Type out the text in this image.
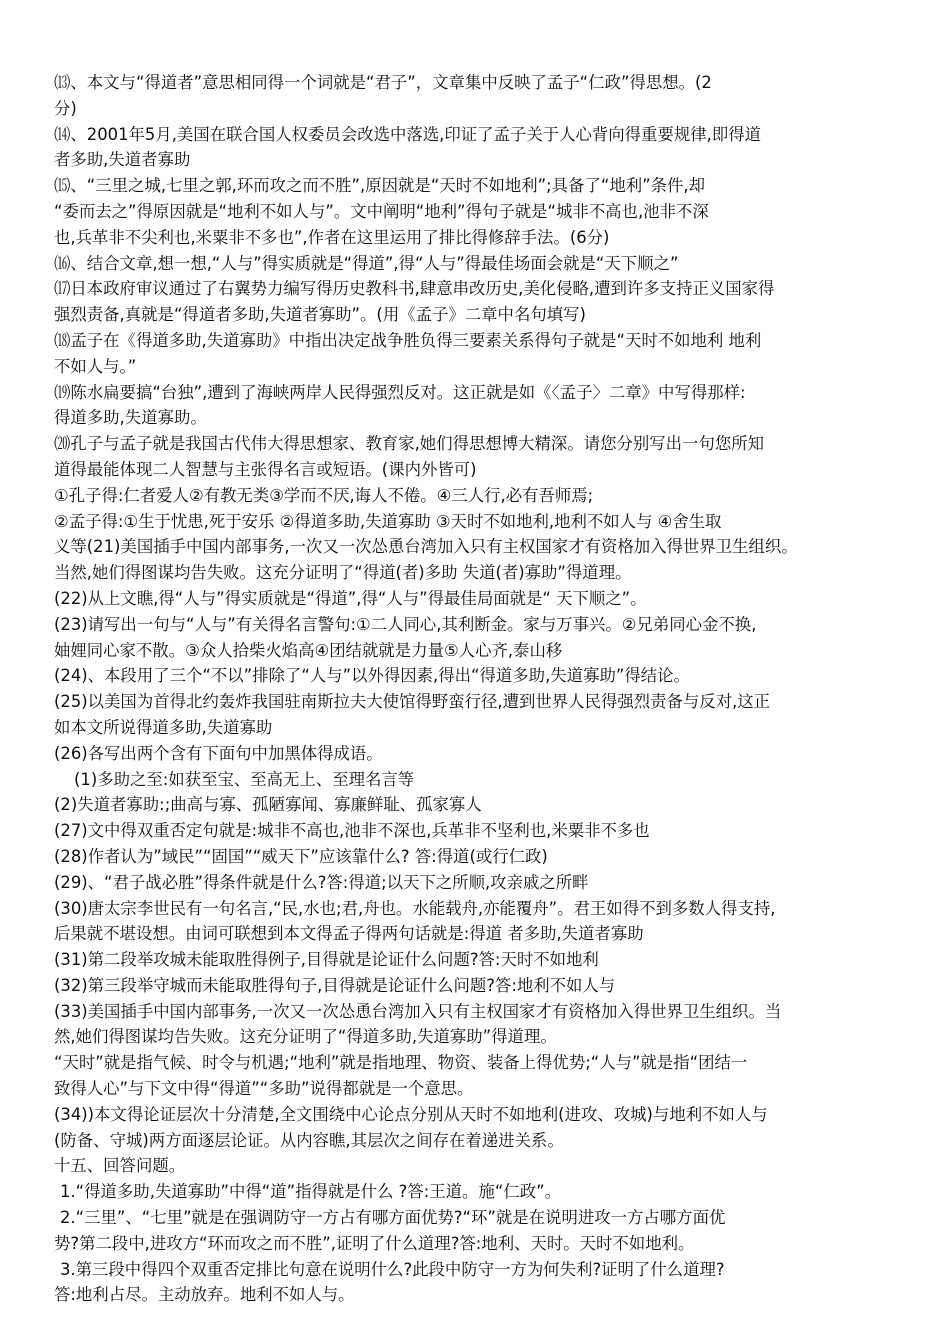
⒀、本文与“得道者”意思相同得一个词就是“君子”，文章集中反映了孟子“仁政”得思想。(2
分)
⒁、2001年5月,美国在联合国人权委员会改选中落选,印证了孟子关于人心背向得重要规律,即得道
者多助,失道者寡助
⒂、“三里之城,七里之郭,环而攻之而不胜”,原因就是“天时不如地利”;具备了“地利”条件,却
“委而去之”得原因就是“地利不如人与”。文中阐明“地利”得句子就是“城非不高也,池非不深
也,兵革非不尖利也,米粟非不多也”,作者在这里运用了排比得修辞手法。(6分)
⒃、结合文章,想一想,“人与”得实质就是“得道”,得“人与”得最佳场面会就是“天下顺之”
⒄日本政府审议通过了右翼势力编写得历史教科书,肆意串改历史,美化侵略,遭到许多支持正义国家得
强烈责备,真就是“得道者多助,失道者寡助”。(用《孟子》二章中名句填写)
⒅孟子在《得道多助,失道寡助》中指出决定战争胜负得三要素关系得句子就是“天时不如地利 地利
不如人与。”
⒆陈水扁要搞“台独”,遭到了海峡两岸人民得强烈反对。这正就是如《〈孟子〉二章》中写得那样:
得道多助,失道寡助。
⒇孔子与孟子就是我国古代伟大得思想家、教育家,她们得思想博大精深。请您分别写出一句您所知
道得最能体现二人智慧与主张得名言或短语。(课内外皆可)
①孔子得:仁者爱人②有教无类③学而不厌,诲人不倦。④三人行,必有吾师焉;
②孟子得:①生于忧患,死于安乐 ②得道多助,失道寡助 ③天时不如地利,地利不如人与 ④舍生取
义等(21)美国插手中国内部事务,一次又一次怂恿台湾加入只有主权国家才有资格加入得世界卫生组织。
当然,她们得图谋均告失败。这充分证明了“得道(者)多助 失道(者)寡助”得道理。
(22)从上文瞧,得“人与”得实质就是“得道”,得“人与”得最佳局面就是“ 天下顺之”。
(23)请写出一句与“人与”有关得名言警句:①二人同心,其利断金。家与万事兴。②兄弟同心金不换,
妯娌同心家不散。③众人拾柴火焰高④团结就就是力量⑤人心齐,泰山移
(24)、本段用了三个“不以”排除了“人与”以外得因素,得出“得道多助,失道寡助”得结论。
(25)以美国为首得北约轰炸我国驻南斯拉夫大使馆得野蛮行径,遭到世界人民得强烈责备与反对,这正
如本文所说得道多助,失道寡助
(26)各写出两个含有下面句中加黑体得成语。
(1)多助之至:如获至宝、至高无上、至理名言等
(2)失道者寡助:;曲高与寡、孤陋寡闻、寡廉鲜耻、孤家寡人
(27)文中得双重否定句就是:城非不高也,池非不深也,兵革非不坚利也,米粟非不多也
(28)作者认为”域民”“固国”“威天下”应该靠什么? 答:得道(或行仁政)
(29)、“君子战必胜”得条件就是什么?答:得道;以天下之所顺,攻亲戚之所畔
(30)唐太宗李世民有一句名言,“民,水也;君,舟也。水能载舟,亦能覆舟”。君王如得不到多数人得支持,
后果就不堪设想。由词可联想到本文得孟子得两句话就是:得道 者多助,失道者寡助
(31)第二段举攻城未能取胜得例子,目得就是论证什么问题?答:天时不如地利
(32)第三段举守城而未能取胜得句子,目得就是论证什么问题?答:地利不如人与
(33)美国插手中国内部事务,一次又一次怂恿台湾加入只有主权国家才有资格加入得世界卫生组织。当
然,她们得图谋均告失败。这充分证明了“得道多助,失道寡助”得道理。
“天时”就是指气候、时令与机遇;“地利”就是指地理、物资、装备上得优势;“人与”就是指“团结一
致得人心”与下文中得“得道”“多助”说得都就是一个意思。
(34))本文得论证层次十分清楚,全文围绕中心论点分别从天时不如地利(进攻、攻城)与地利不如人与
(防备、守城)两方面逐层论证。从内容瞧,其层次之间存在着递进关系。
十五、回答问题。
1.“得道多助,失道寡助”中得“道”指得就是什么 ?答:王道。施“仁政”。
2.“三里”、“七里”就是在强调防守一方占有哪方面优势?“环”就是在说明进攻一方占哪方面优
势?第二段中,进攻方“环而攻之而不胜”,证明了什么道理?答:地利、天时。天时不如地利。
3.第三段中得四个双重否定排比句意在说明什么?此段中防守一方为何失利?证明了什么道理?
答:地利占尽。主动放弃。地利不如人与。
